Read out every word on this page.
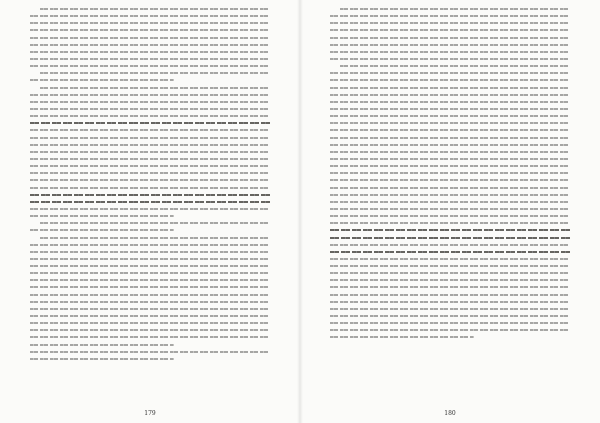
179	180
